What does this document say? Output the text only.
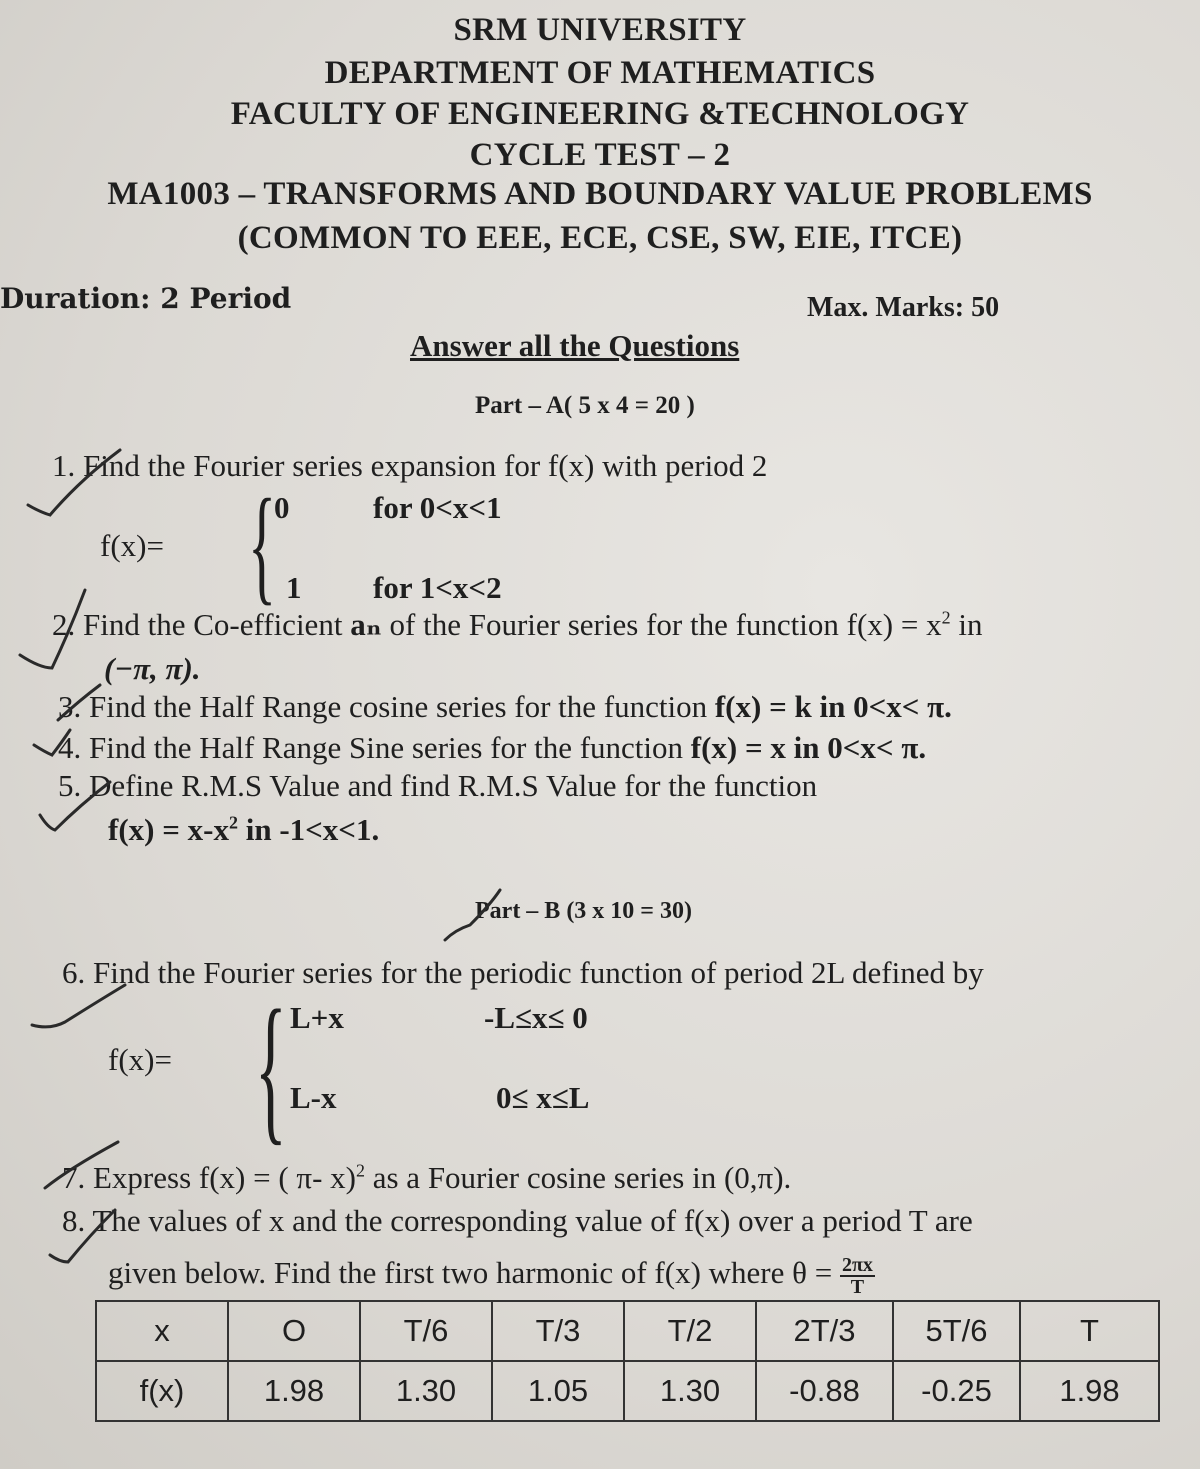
SRM UNIVERSITY
DEPARTMENT OF MATHEMATICS
FACULTY OF ENGINEERING &TECHNOLOGY
CYCLE TEST – 2
MA1003 – TRANSFORMS AND BOUNDARY VALUE PROBLEMS
(COMMON TO EEE, ECE, CSE, SW, EIE, ITCE)
Duration: 2 Period	Max. Marks: 50
Answer all the Questions
Part – A( 5 x 4 = 20 )
1. Find the Fourier series expansion for f(x) with period 2
f(x)= {
0	for 0<x<1
1 for 1<x<2
2. Find the Co-efficient aₙ of the Fourier series for the function $f(x) = x^2$ in
(−π, π).
3. Find the Half Range cosine series for the function f(x) = k in 0<x< π.
4. Find the Half Range Sine series for the function f(x) = x in 0<x< π.
5. Define R.M.S Value and find R.M.S Value for the function
$f(x) = x-x^2$ in -1<x<1.
Part – B (3 x 10 = 30)
6. Find the Fourier series for the periodic function of period 2L defined by
f(x)= { L+x	-L≤x≤ 0
L-x	0≤ x≤L
7. Express f(x) = ( π- x)$^2$ as a Fourier cosine series in (0,π).
8. The values of x and the corresponding value of f(x) over a period T are
given below. Find the first two harmonic of f(x) where $\theta = \frac{2\pi x}{T}$
x	O	T/6	T/3	T/2	2T/3	5T/6	T
f(x)	1.98	1.30	1.05	1.30	-0.88	-0.25	1.98
